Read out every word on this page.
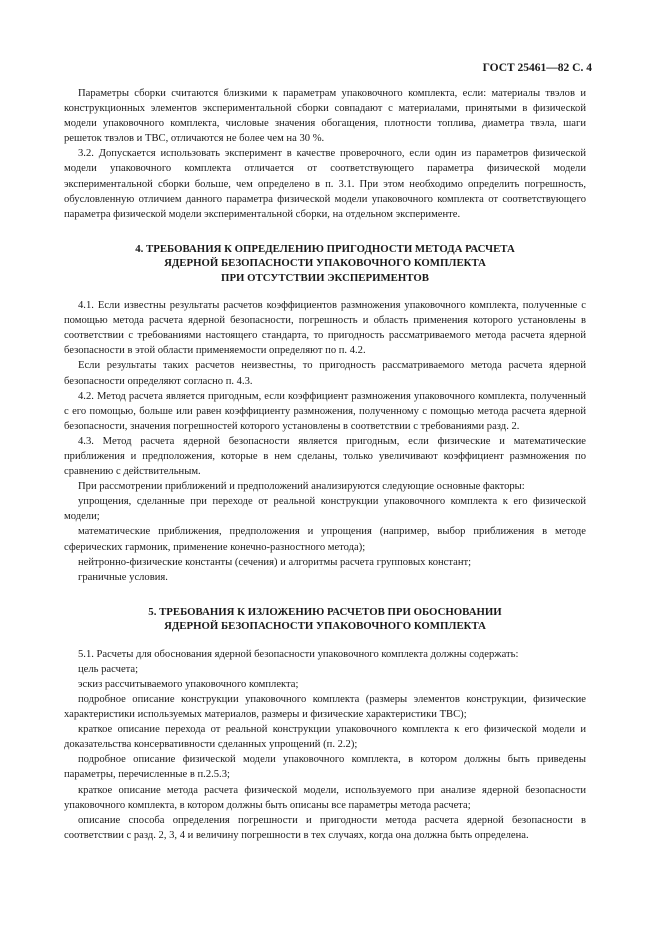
ГОСТ 25461—82 С. 4

Параметры сборки считаются близкими к параметрам упаковочного комплекта, если: материалы твэлов и конструкционных элементов экспериментальной сборки совпадают с материалами, принятыми в физической модели упаковочного комплекта, числовые значения обогащения, плотности топлива, диаметра твэла, шаги решеток твэлов и ТВС, отличаются не более чем на 30 %.

3.2. Допускается использовать эксперимент в качестве проверочного, если один из параметров физической модели упаковочного комплекта отличается от соответствующего параметра физической модели экспериментальной сборки больше, чем определено в п. 3.1. При этом необходимо определить погрешность, обусловленную отличием данного параметра физической модели упаковочного комплекта от соответствующего параметра физической модели экспериментальной сборки, на отдельном эксперименте.

4. ТРЕБОВАНИЯ К ОПРЕДЕЛЕНИЮ ПРИГОДНОСТИ МЕТОДА РАСЧЕТА
ЯДЕРНОЙ БЕЗОПАСНОСТИ УПАКОВОЧНОГО КОМПЛЕКТА
ПРИ ОТСУТСТВИИ ЭКСПЕРИМЕНТОВ

4.1. Если известны результаты расчетов коэффициентов размножения упаковочного комплекта, полученные с помощью метода расчета ядерной безопасности, погрешность и область применения которого установлены в соответствии с требованиями настоящего стандарта, то пригодность рассматриваемого метода расчета ядерной безопасности в этой области применяемости определяют по п. 4.2.

Если результаты таких расчетов неизвестны, то пригодность рассматриваемого метода расчета ядерной безопасности определяют согласно п. 4.3.

4.2. Метод расчета является пригодным, если коэффициент размножения упаковочного комплекта, полученный с его помощью, больше или равен коэффициенту размножения, полученному с помощью метода расчета ядерной безопасности, значения погрешностей которого установлены в соответствии с требованиями разд. 2.

4.3. Метод расчета ядерной безопасности является пригодным, если физические и математические приближения и предположения, которые в нем сделаны, только увеличивают коэффициент размножения по сравнению с действительным.

При рассмотрении приближений и предположений анализируются следующие основные факторы:

упрощения, сделанные при переходе от реальной конструкции упаковочного комплекта к его физической модели;

математические приближения, предположения и упрощения (например, выбор приближения в методе сферических гармоник, применение конечно-разностного метода);

нейтронно-физические константы (сечения) и алгоритмы расчета групповых констант;

граничные условия.

5. ТРЕБОВАНИЯ К ИЗЛОЖЕНИЮ РАСЧЕТОВ ПРИ ОБОСНОВАНИИ
ЯДЕРНОЙ БЕЗОПАСНОСТИ УПАКОВОЧНОГО КОМПЛЕКТА

5.1. Расчеты для обоснования ядерной безопасности упаковочного комплекта должны содержать:

цель расчета;

эскиз рассчитываемого упаковочного комплекта;

подробное описание конструкции упаковочного комплекта (размеры элементов конструкции, физические характеристики используемых материалов, размеры и физические характеристики ТВС);

краткое описание перехода от реальной конструкции упаковочного комплекта к его физической модели и доказательства консервативности сделанных упрощений (п. 2.2);

подробное описание физической модели упаковочного комплекта, в котором должны быть приведены параметры, перечисленные в п.2.5.3;

краткое описание метода расчета физической модели, используемого при анализе ядерной безопасности упаковочного комплекта, в котором должны быть описаны все параметры метода расчета;

описание способа определения погрешности и пригодности метода расчета ядерной безопасности в соответствии с разд. 2, 3, 4 и величину погрешности в тех случаях, когда она должна быть определена.
